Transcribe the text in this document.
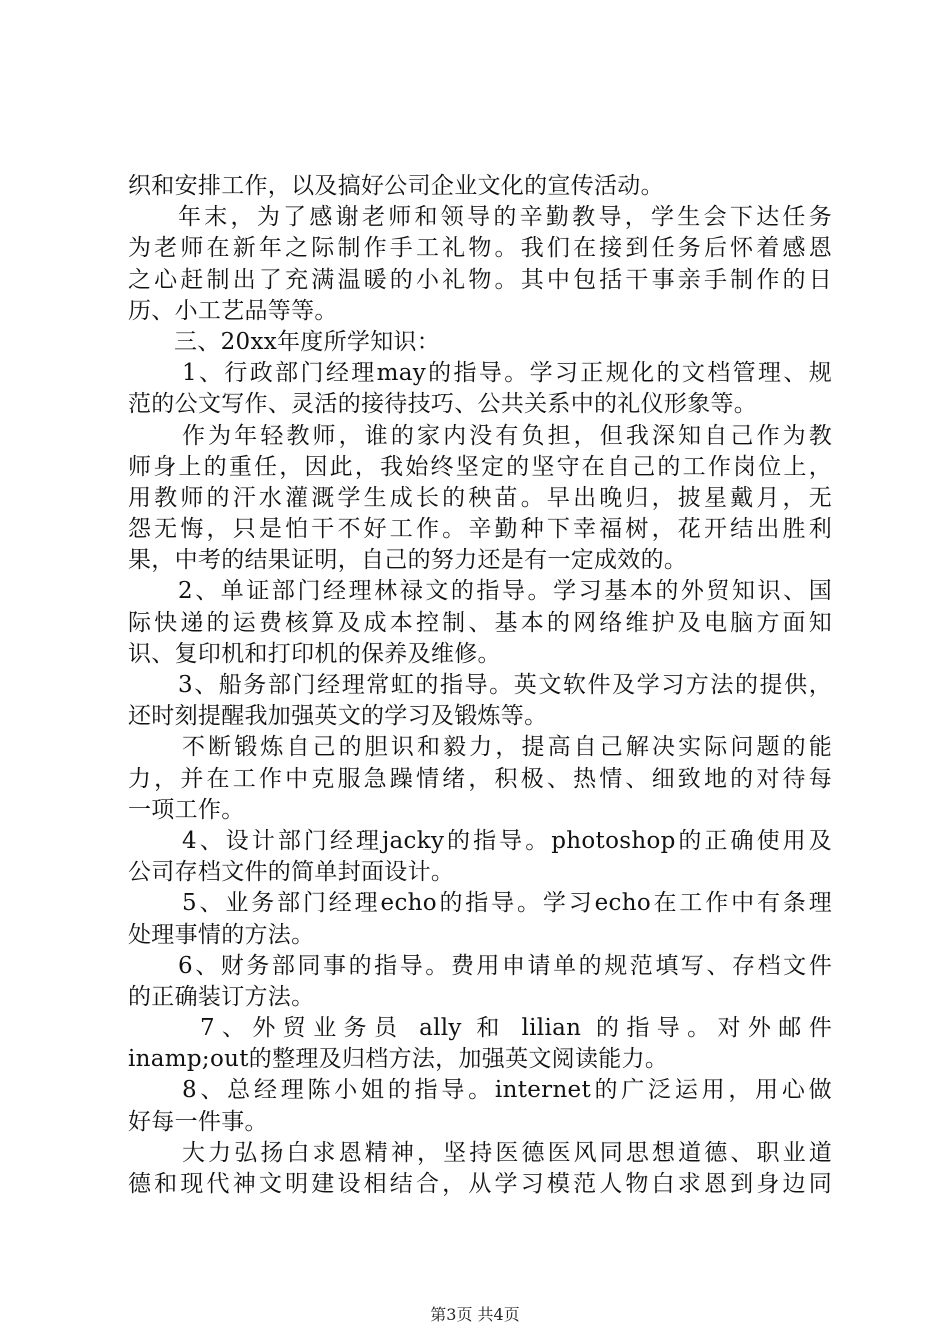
织和安排工作，以及搞好公司企业文化的宣传活动。
年末，为了感谢老师和领导的辛勤教导，学生会下达任务
为老师在新年之际制作手工礼物。我们在接到任务后怀着感恩
之心赶制出了充满温暖的小礼物。其中包括干事亲手制作的日
历、小工艺品等等。
三、20xx年度所学知识：
1、行政部门经理may的指导。学习正规化的文档管理、规
范的公文写作、灵活的接待技巧、公共关系中的礼仪形象等。
作为年轻教师，谁的家内没有负担，但我深知自己作为教
师身上的重任，因此，我始终坚定的坚守在自己的工作岗位上，
用教师的汗水灌溉学生成长的秧苗。早出晚归，披星戴月，无
怨无悔，只是怕干不好工作。辛勤种下幸福树，花开结出胜利
果，中考的结果证明，自己的努力还是有一定成效的。
2、单证部门经理林禄文的指导。学习基本的外贸知识、国
际快递的运费核算及成本控制、基本的网络维护及电脑方面知
识、复印机和打印机的保养及维修。
3、船务部门经理常虹的指导。英文软件及学习方法的提供，
还时刻提醒我加强英文的学习及锻炼等。
不断锻炼自己的胆识和毅力，提高自己解决实际问题的能
力，并在工作中克服急躁情绪，积极、热情、细致地的对待每
一项工作。
4、设计部门经理jacky的指导。photoshop的正确使用及
公司存档文件的简单封面设计。
5、业务部门经理echo的指导。学习echo在工作中有条理
处理事情的方法。
6、财务部同事的指导。费用申请单的规范填写、存档文件
的正确装订方法。
7、外贸业务员 ally 和 lilian 的指导。对外邮件
inamp;out的整理及归档方法，加强英文阅读能力。
8、总经理陈小姐的指导。internet的广泛运用，用心做
好每一件事。
大力弘扬白求恩精神，坚持医德医风同思想道德、职业道
德和现代神文明建设相结合，从学习模范人物白求恩到身边同
第3页 共4页
